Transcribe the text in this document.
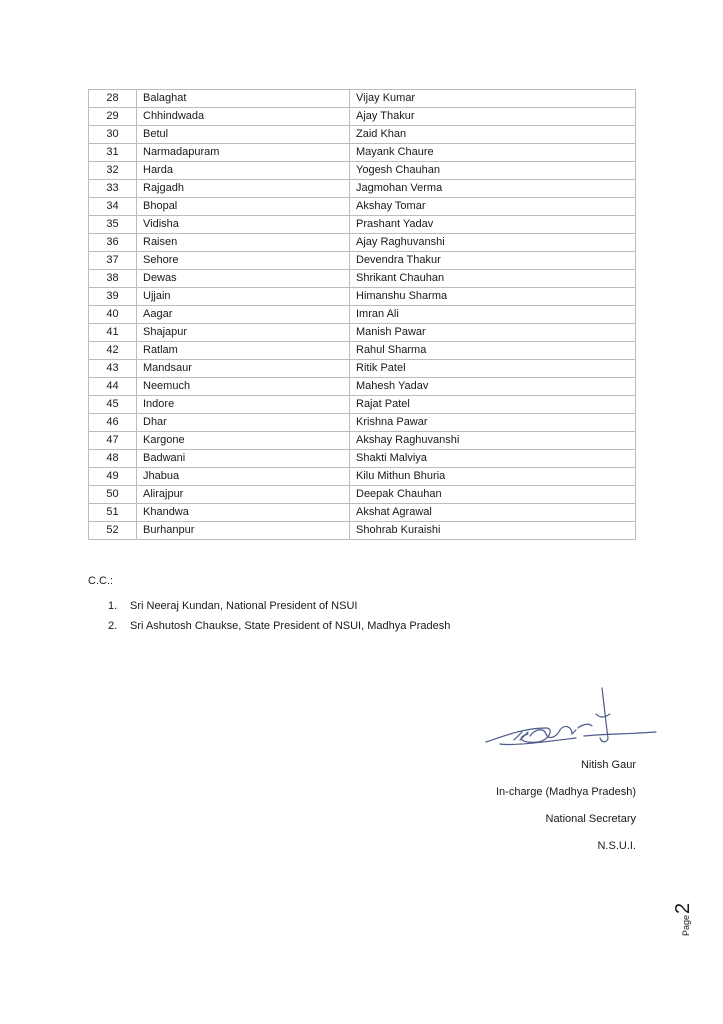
28	Balaghat	Vijay Kumar
29	Chhindwada	Ajay Thakur
30	Betul	Zaid Khan
31	Narmadapuram	Mayank Chaure
32	Harda	Yogesh Chauhan
33	Rajgadh	Jagmohan Verma
34	Bhopal	Akshay Tomar
35	Vidisha	Prashant Yadav
36	Raisen	Ajay Raghuvanshi
37	Sehore	Devendra Thakur
38	Dewas	Shrikant Chauhan
39	Ujjain	Himanshu Sharma
40	Aagar	Imran Ali
41	Shajapur	Manish Pawar
42	Ratlam	Rahul Sharma
43	Mandsaur	Ritik Patel
44	Neemuch	Mahesh Yadav
45	Indore	Rajat Patel
46	Dhar	Krishna Pawar
47	Kargone	Akshay Raghuvanshi
48	Badwani	Shakti Malviya
49	Jhabua	Kilu Mithun Bhuria
50	Alirajpur	Deepak Chauhan
51	Khandwa	Akshat Agrawal
52	Burhanpur	Shohrab Kuraishi
C.C.:
1. Sri Neeraj Kundan, National President of NSUI
2. Sri Ashutosh Chaukse, State President of NSUI, Madhya Pradesh
Nitish Gaur
In-charge (Madhya Pradesh)
National Secretary
N.S.U.I.
Page2
